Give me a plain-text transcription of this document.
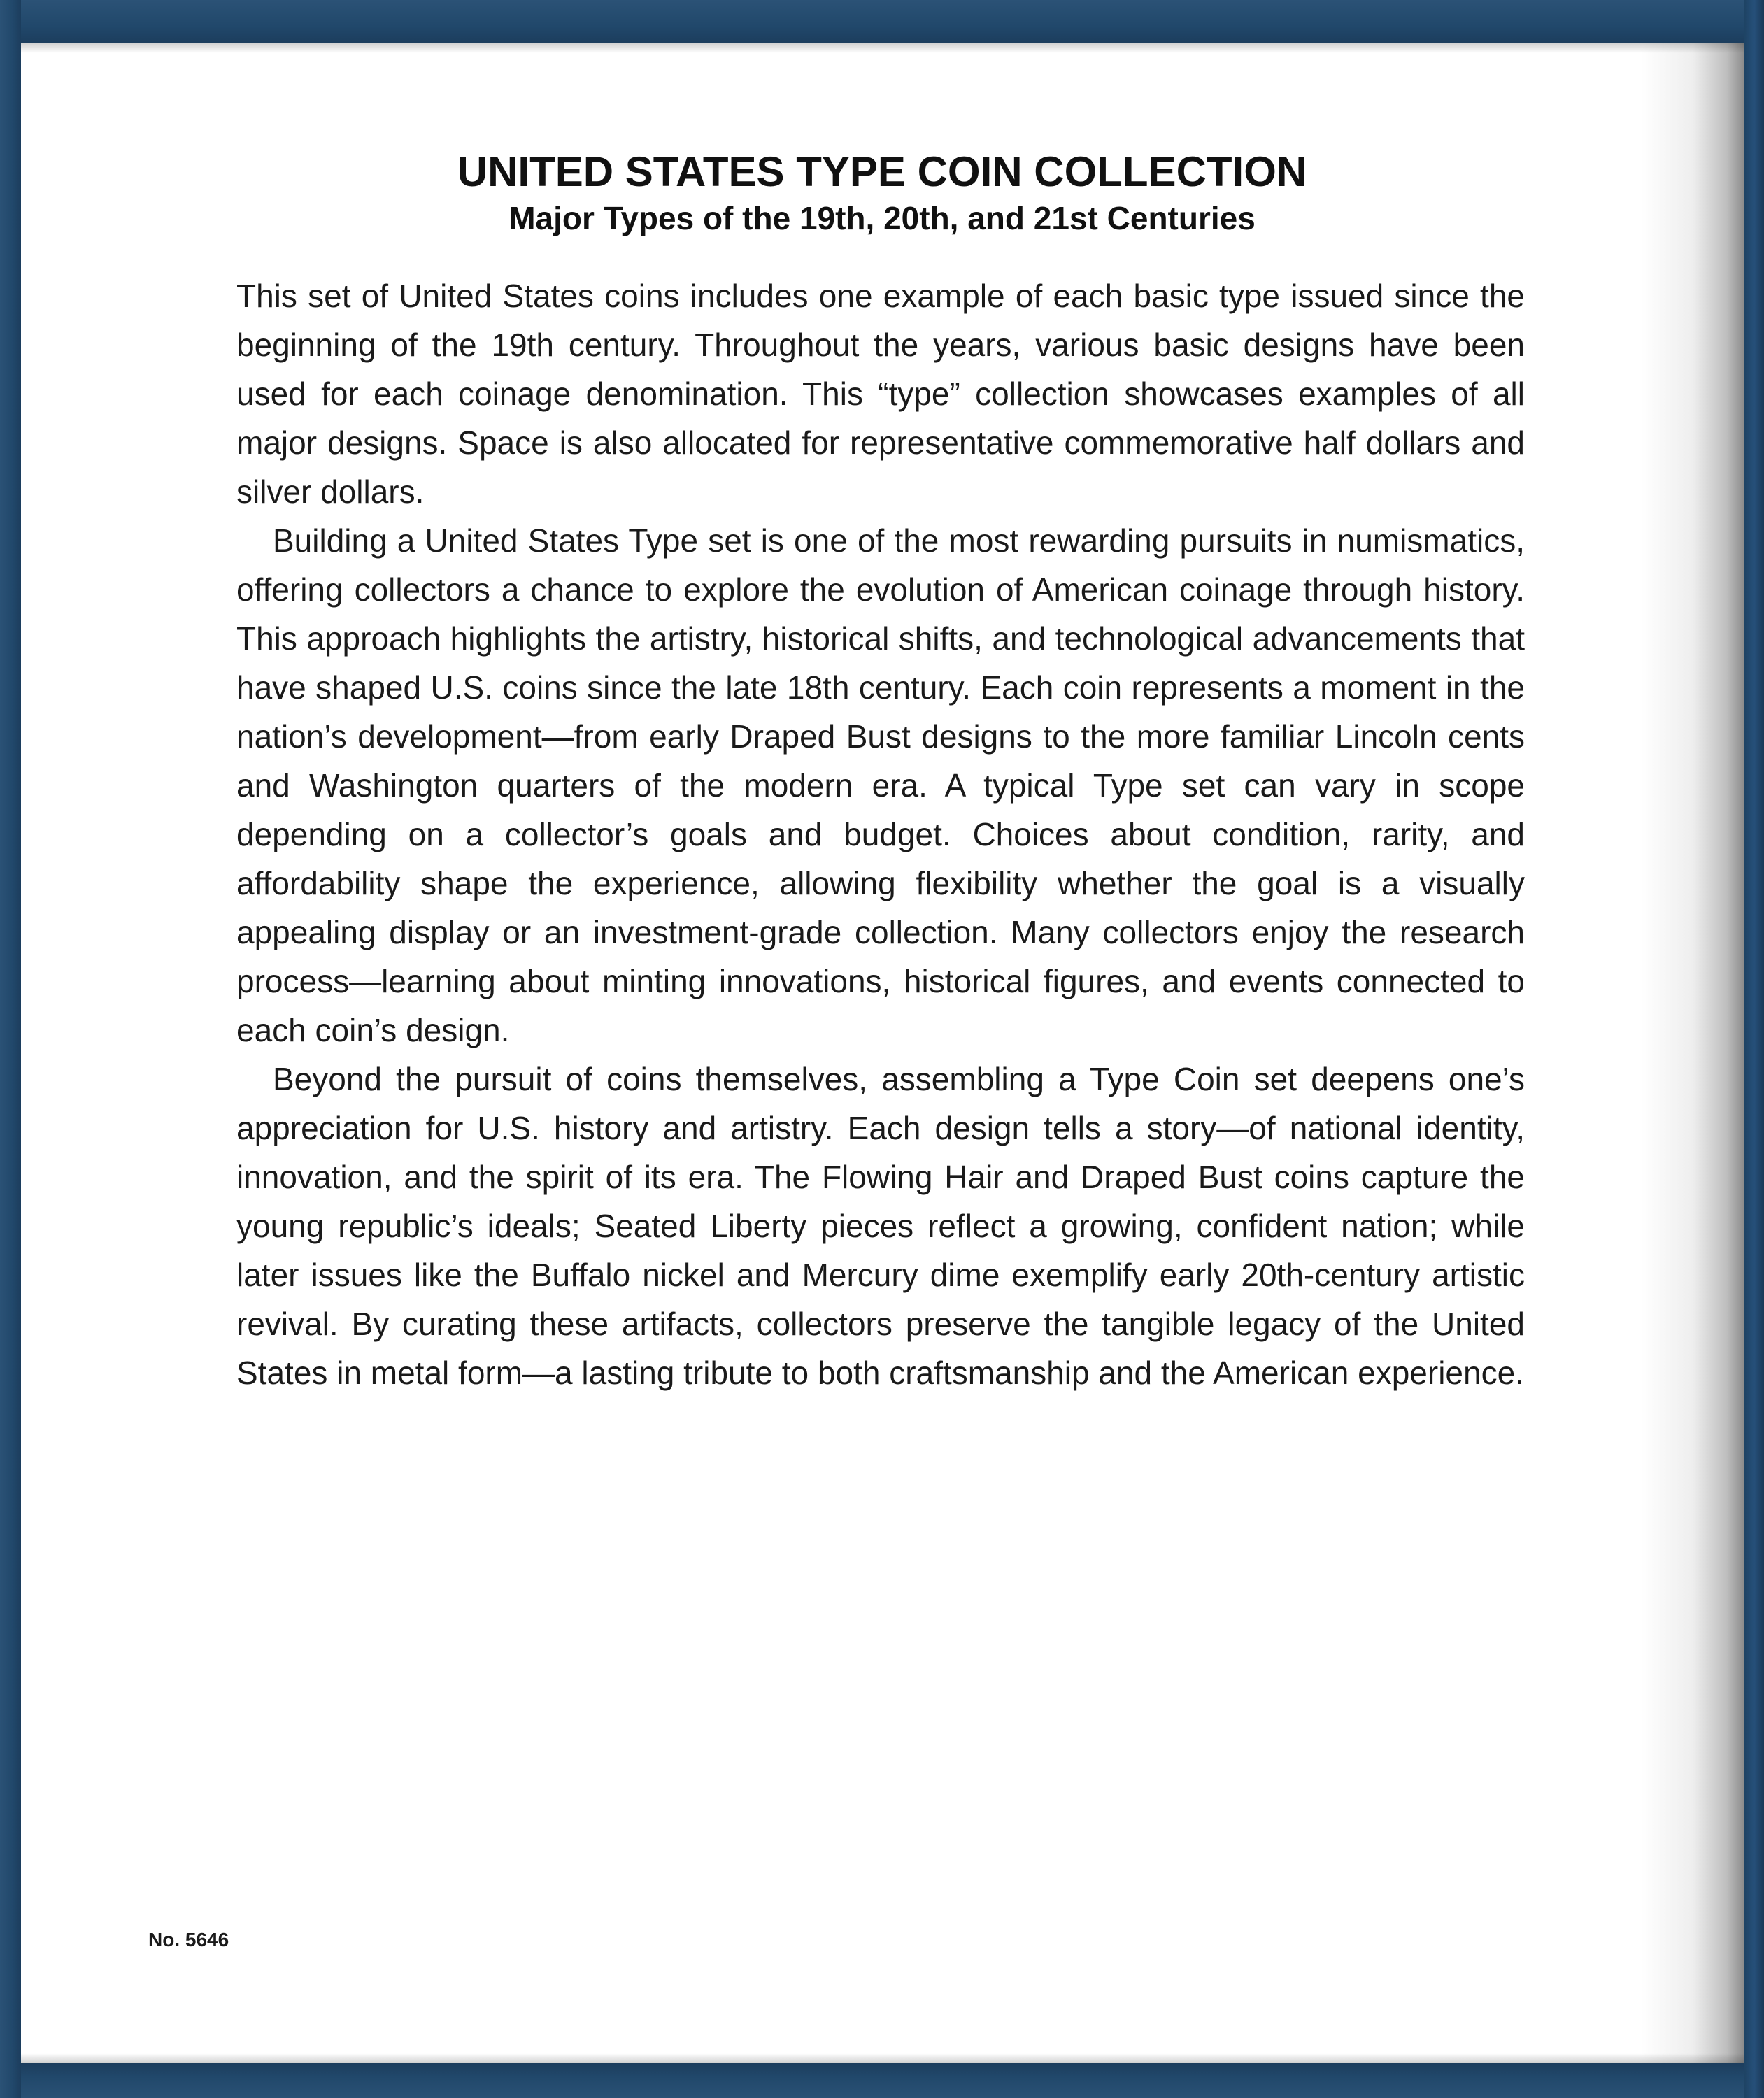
UNITED STATES TYPE COIN COLLECTION
Major Types of the 19th, 20th, and 21st Centuries

This set of United States coins includes one example of each basic type issued since the beginning of the 19th century. Throughout the years, various basic designs have been used for each coinage denomination. This “type” collection showcases examples of all major designs. Space is also allocated for representative commemorative half dollars and silver dollars.

Building a United States Type set is one of the most rewarding pursuits in numismatics, offering collectors a chance to explore the evolution of American coinage through history. This approach highlights the artistry, historical shifts, and technological advancements that have shaped U.S. coins since the late 18th century. Each coin represents a moment in the nation’s development—from early Draped Bust designs to the more familiar Lincoln cents and Washington quarters of the modern era. A typical Type set can vary in scope depending on a collector’s goals and budget. Choices about condition, rarity, and affordability shape the experience, allowing flexibility whether the goal is a visually appealing display or an investment-grade collection. Many collectors enjoy the research process—learning about minting innovations, historical figures, and events connected to each coin’s design.

Beyond the pursuit of coins themselves, assembling a Type Coin set deepens one’s appreciation for U.S. history and artistry. Each design tells a story—of national identity, innovation, and the spirit of its era. The Flowing Hair and Draped Bust coins capture the young republic’s ideals; Seated Liberty pieces reflect a growing, confident nation; while later issues like the Buffalo nickel and Mercury dime exemplify early 20th-century artistic revival. By curating these artifacts, collectors preserve the tangible legacy of the United States in metal form—a lasting tribute to both craftsmanship and the American experience.

No. 5646
